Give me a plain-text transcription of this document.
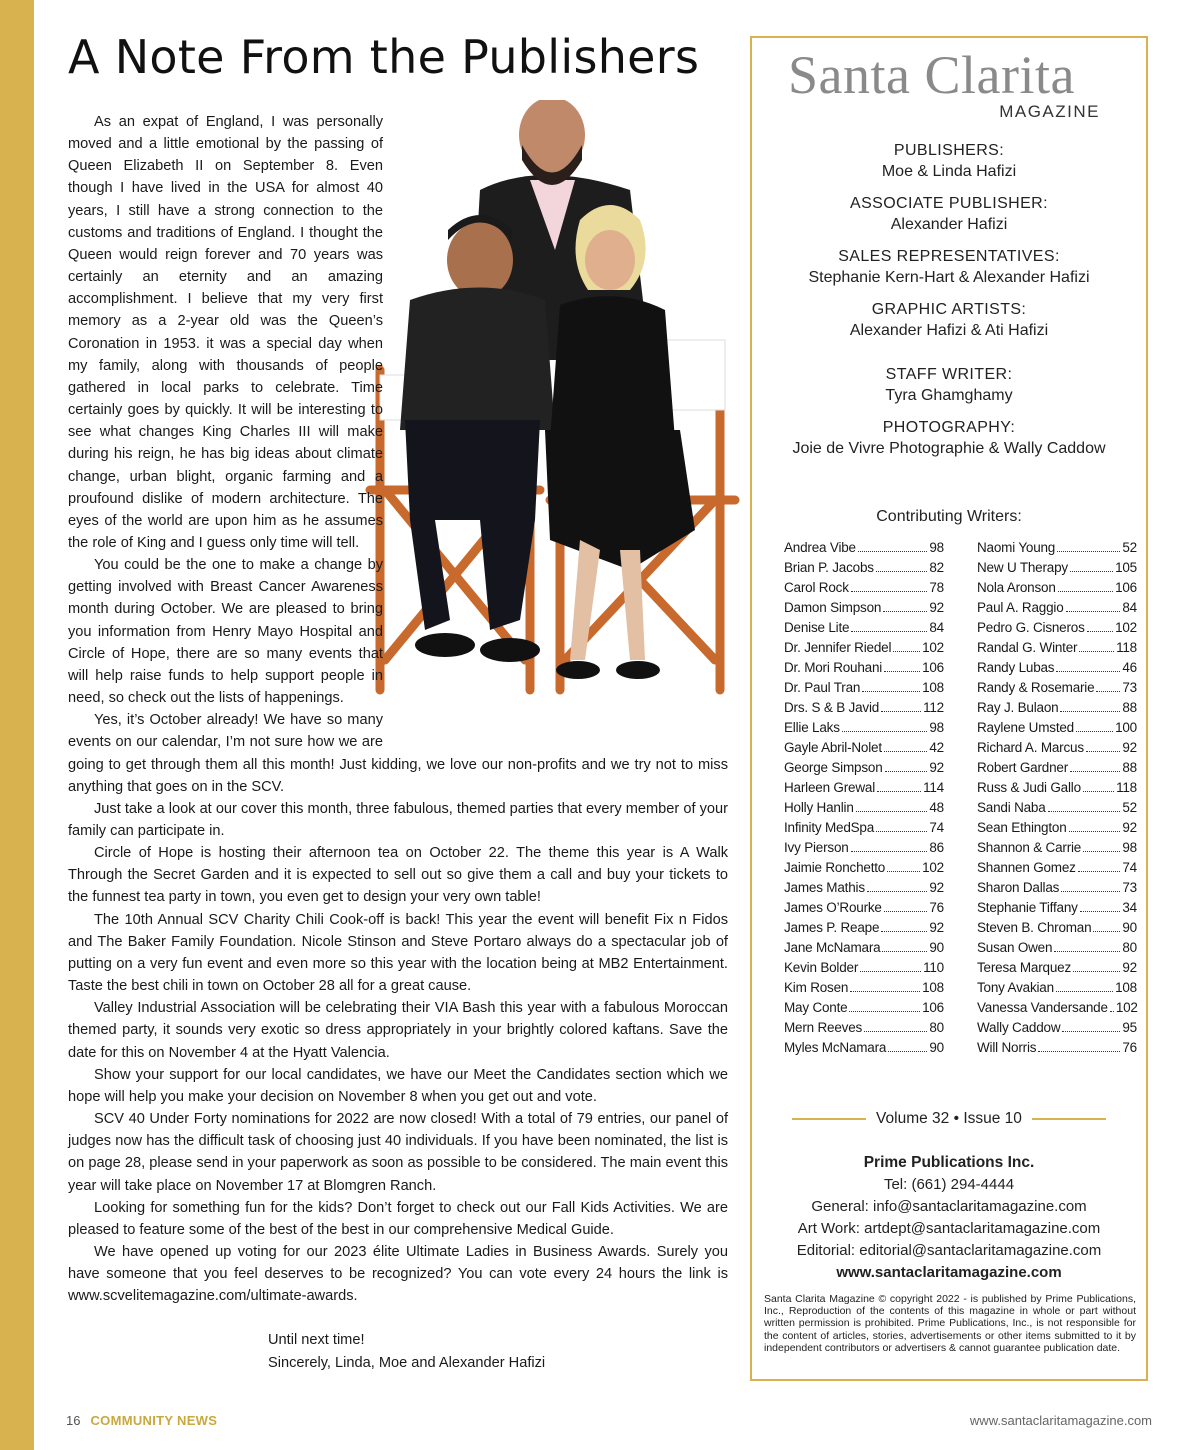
A Note From the Publishers

As an expat of England, I was personally moved and a little emotional by the passing of Queen Elizabeth II on September 8. Even though I have lived in the USA for almost 40 years, I still have a strong connection to the customs and traditions of England. I thought the Queen would reign forever and 70 years was certainly an eternity and an amazing accomplishment. I believe that my very first memory as a 2-year old was the Queen’s Coronation in 1953. it was a special day when my family, along with thousands of people gathered in local parks to celebrate. Time certainly goes by quickly. It will be interesting to see what changes King Charles III will make during his reign, he has big ideas about climate change, urban blight, organic farming and a proufound dislike of modern architecture. The eyes of the world are upon him as he assumes the role of King and I guess only time will tell.

You could be the one to make a change by getting involved with Breast Cancer Awareness month during October. We are pleased to bring you information from Henry Mayo Hospital and Circle of Hope, there are so many events that will help raise funds to help support people in need, so check out the lists of happenings.

Yes, it’s October already! We have so many events on our calendar, I’m not sure how we are going to get through them all this month! Just kidding, we love our non-profits and we try not to miss anything that goes on in the SCV.

Just take a look at our cover this month, three fabulous, themed parties that every member of your family can participate in.

Circle of Hope is hosting their afternoon tea on October 22. The theme this year is A Walk Through the Secret Garden and it is expected to sell out so give them a call and buy your tickets to the funnest tea party in town, you even get to design your very own table!

The 10th Annual SCV Charity Chili Cook-off is back! This year the event will benefit Fix n Fidos and The Baker Family Foundation. Nicole Stinson and Steve Portaro always do a spectacular job of putting on a very fun event and even more so this year with the location being at MB2 Entertainment. Taste the best chili in town on October 28 all for a great cause.

Valley Industrial Association will be celebrating their VIA Bash this year with a fabulous Moroccan themed party, it sounds very exotic so dress appropriately in your brightly colored kaftans. Save the date for this on November 4 at the Hyatt Valencia.

Show your support for our local candidates, we have our Meet the Candidates section which we hope will help you make your decision on November 8 when you get out and vote.

SCV 40 Under Forty nominations for 2022 are now closed! With a total of 79 entries, our panel of judges now has the difficult task of choosing just 40 individuals. If you have been nominated, the list is on page 28, please send in your paperwork as soon as possible to be considered. The main event this year will take place on November 17 at Blomgren Ranch.

Looking for something fun for the kids? Don’t forget to check out our Fall Kids Activities. We are pleased to feature some of the best of the best in our comprehensive Medical Guide.

We have opened up voting for our 2023 élite Ultimate Ladies in Business Awards. Surely you have someone that you feel deserves to be recognized? You can vote every 24 hours the link is www.scvelitemagazine.com/ultimate-awards.

Until next time!

Sincerely, Linda, Moe and Alexander Hafizi

Santa Clarita
MAGAZINE
PUBLISHERS:
Moe & Linda Hafizi
ASSOCIATE PUBLISHER:
Alexander Hafizi
SALES REPRESENTATIVES:
Stephanie Kern-Hart & Alexander Hafizi
GRAPHIC ARTISTS:
Alexander Hafizi & Ati Hafizi
STAFF WRITER:
Tyra Ghamghamy
PHOTOGRAPHY:
Joie de Vivre Photographie & Wally Caddow
Contributing Writers:
Andrea Vibe	98
Brian P. Jacobs	82
Carol Rock	78
Damon Simpson	92
Denise Lite	84
Dr. Jennifer Riedel 102
Dr. Mori Rouhani	106
Dr. Paul Tran	108
Drs. S & B Javid	112
Ellie Laks	98
Gayle Abril-Nolet	42
George Simpson	92
Harleen Grewal	114
Holly Hanlin	48
Infinity MedSpa	74
Ivy Pierson	86
Jaimie Ronchetto	102
James Mathis	92
James O’Rourke	76
James P. Reape	92
Jane McNamara	90
Kevin Bolder	110
Kim Rosen	108
May Conte	106
Mern Reeves	80
Myles McNamara	90
Naomi Young	52
New U Therapy	105
Nola Aronson	106
Paul A. Raggio	84
Pedro G. Cisneros 102
Randal G. Winter	118
Randy Lubas	46
Randy & Rosemarie 73
Ray J. Bulaon	88
Raylene Umsted	100
Richard A. Marcus	92
Robert Gardner	88
Russ & Judi Gallo	118
Sandi Naba	52
Sean Ethington	92
Shannon & Carrie	98
Shannen Gomez	74
Sharon Dallas	73
Stephanie Tiffany	34
Steven B. Chroman 90
Susan Owen	80
Teresa Marquez	92
Tony Avakian	108
Vanessa Vandersande 102
Wally Caddow	95
Will Norris	76
Volume 32 • Issue 10
Prime Publications Inc.
Tel: (661) 294-4444
General: info@santaclaritamagazine.com
Art Work: artdept@santaclaritamagazine.com
Editorial: editorial@santaclaritamagazine.com
www.santaclaritamagazine.com
Santa Clarita Magazine © copyright 2022 - is published by Prime Publications, Inc., Reproduction of the contents of this magazine in whole or part without written permission is prohibited. Prime Publications, Inc., is not responsible for the content of articles, stories, advertisements or other items submitted to it by independent contributors or advertisers & cannot guarantee publication date.
16 COMMUNITY NEWS	www.santaclaritamagazine.com
